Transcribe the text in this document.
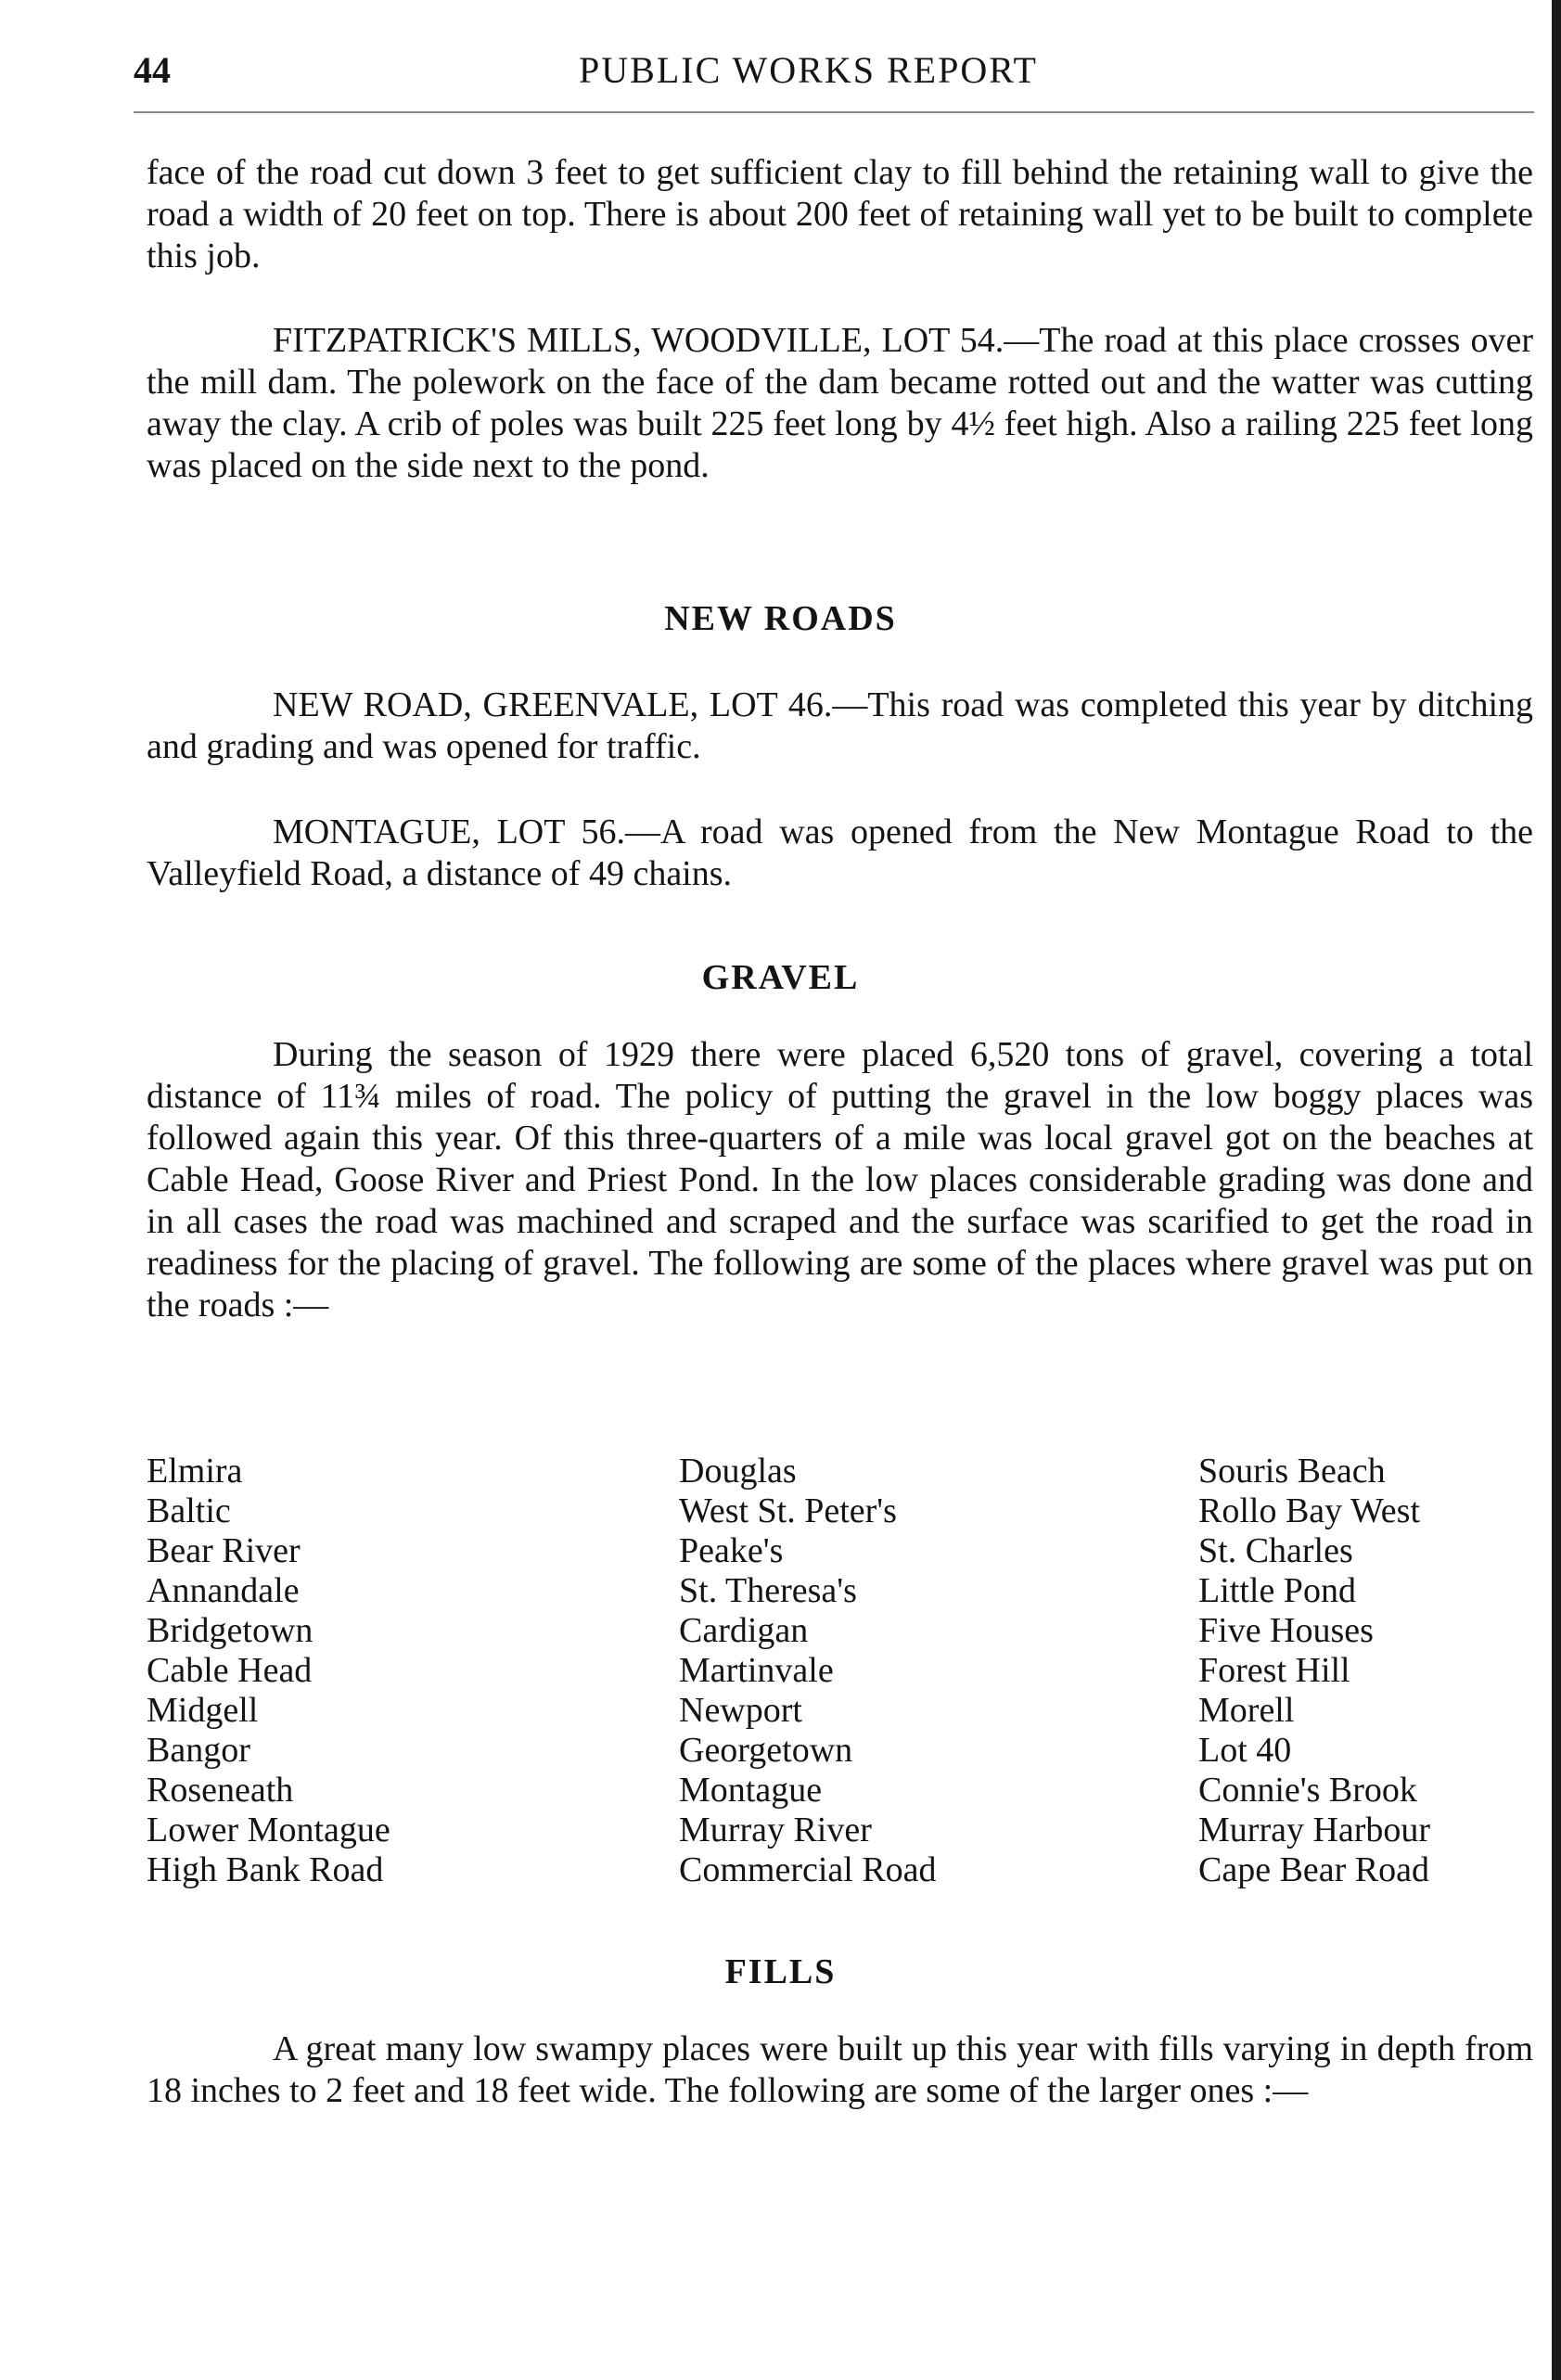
44	PUBLIC WORKS REPORT

face of the road cut down 3 feet to get sufficient clay to fill behind the retaining wall to give the road a width of 20 feet on top. There is about 200 feet of retaining wall yet to be built to complete this job.

FITZPATRICK'S MILLS, WOODVILLE, LOT 54.—The road at this place crosses over the mill dam. The polework on the face of the dam became rotted out and the watter was cutting away the clay. A crib of poles was built 225 feet long by 4½ feet high. Also a railing 225 feet long was placed on the side next to the pond.

NEW ROADS

NEW ROAD, GREENVALE, LOT 46.—This road was completed this year by ditching and grading and was opened for traffic.

MONTAGUE, LOT 56.—A road was opened from the New Montague Road to the Valleyfield Road, a distance of 49 chains.

GRAVEL

During the season of 1929 there were placed 6,520 tons of gravel, covering a total distance of 11¾ miles of road. The policy of putting the gravel in the low boggy places was followed again this year. Of this three-quarters of a mile was local gravel got on the beaches at Cable Head, Goose River and Priest Pond. In the low places considerable grading was done and in all cases the road was machined and scraped and the surface was scarified to get the road in readiness for the placing of gravel. The following are some of the places where gravel was put on the roads :—

Elmira
Baltic
Bear River
Annandale
Bridgetown
Cable Head
Midgell
Bangor
Roseneath
Lower Montague
High Bank Road
Douglas
West St. Peter's
Peake's
St. Theresa's
Cardigan
Martinvale
Newport
Georgetown
Montague
Murray River
Commercial Road
Souris Beach
Rollo Bay West
St. Charles
Little Pond
Five Houses
Forest Hill
Morell
Lot 40
Connie's Brook
Murray Harbour
Cape Bear Road
FILLS

A great many low swampy places were built up this year with fills varying in depth from 18 inches to 2 feet and 18 feet wide. The following are some of the larger ones :—
